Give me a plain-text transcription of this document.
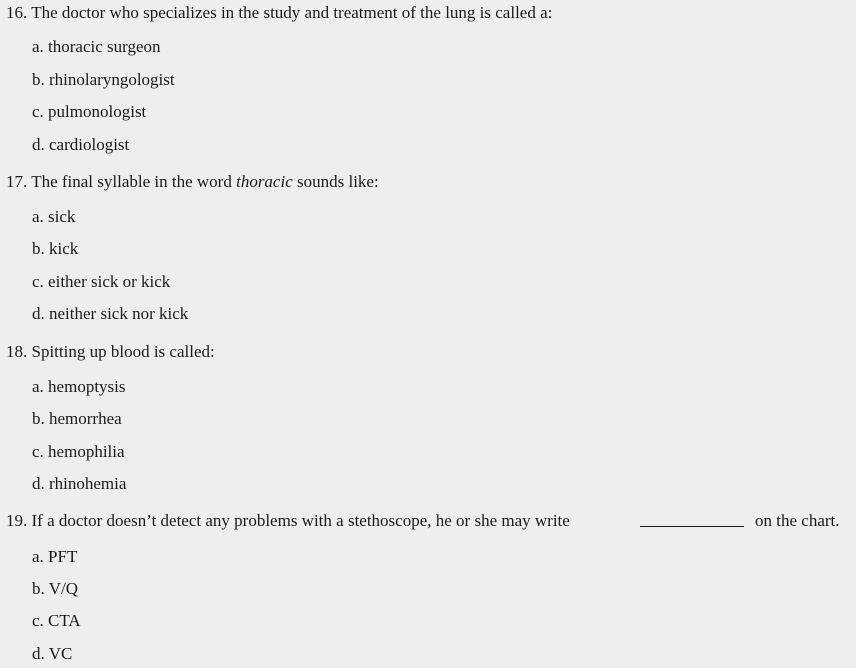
16. The doctor who specializes in the study and treatment of the lung is called a:
a. thoracic surgeon
b. rhinolaryngologist
c. pulmonologist
d. cardiologist
17. The final syllable in the word thoracic sounds like:
a. sick
b. kick
c. either sick or kick
d. neither sick nor kick
18. Spitting up blood is called:
a. hemoptysis
b. hemorrhea
c. hemophilia
d. rhinohemia
19. If a doctor doesn’t detect any problems with a stethoscope, he or she may write	on the chart.
a. PFT
b. V/Q
c. CTA
d. VC
